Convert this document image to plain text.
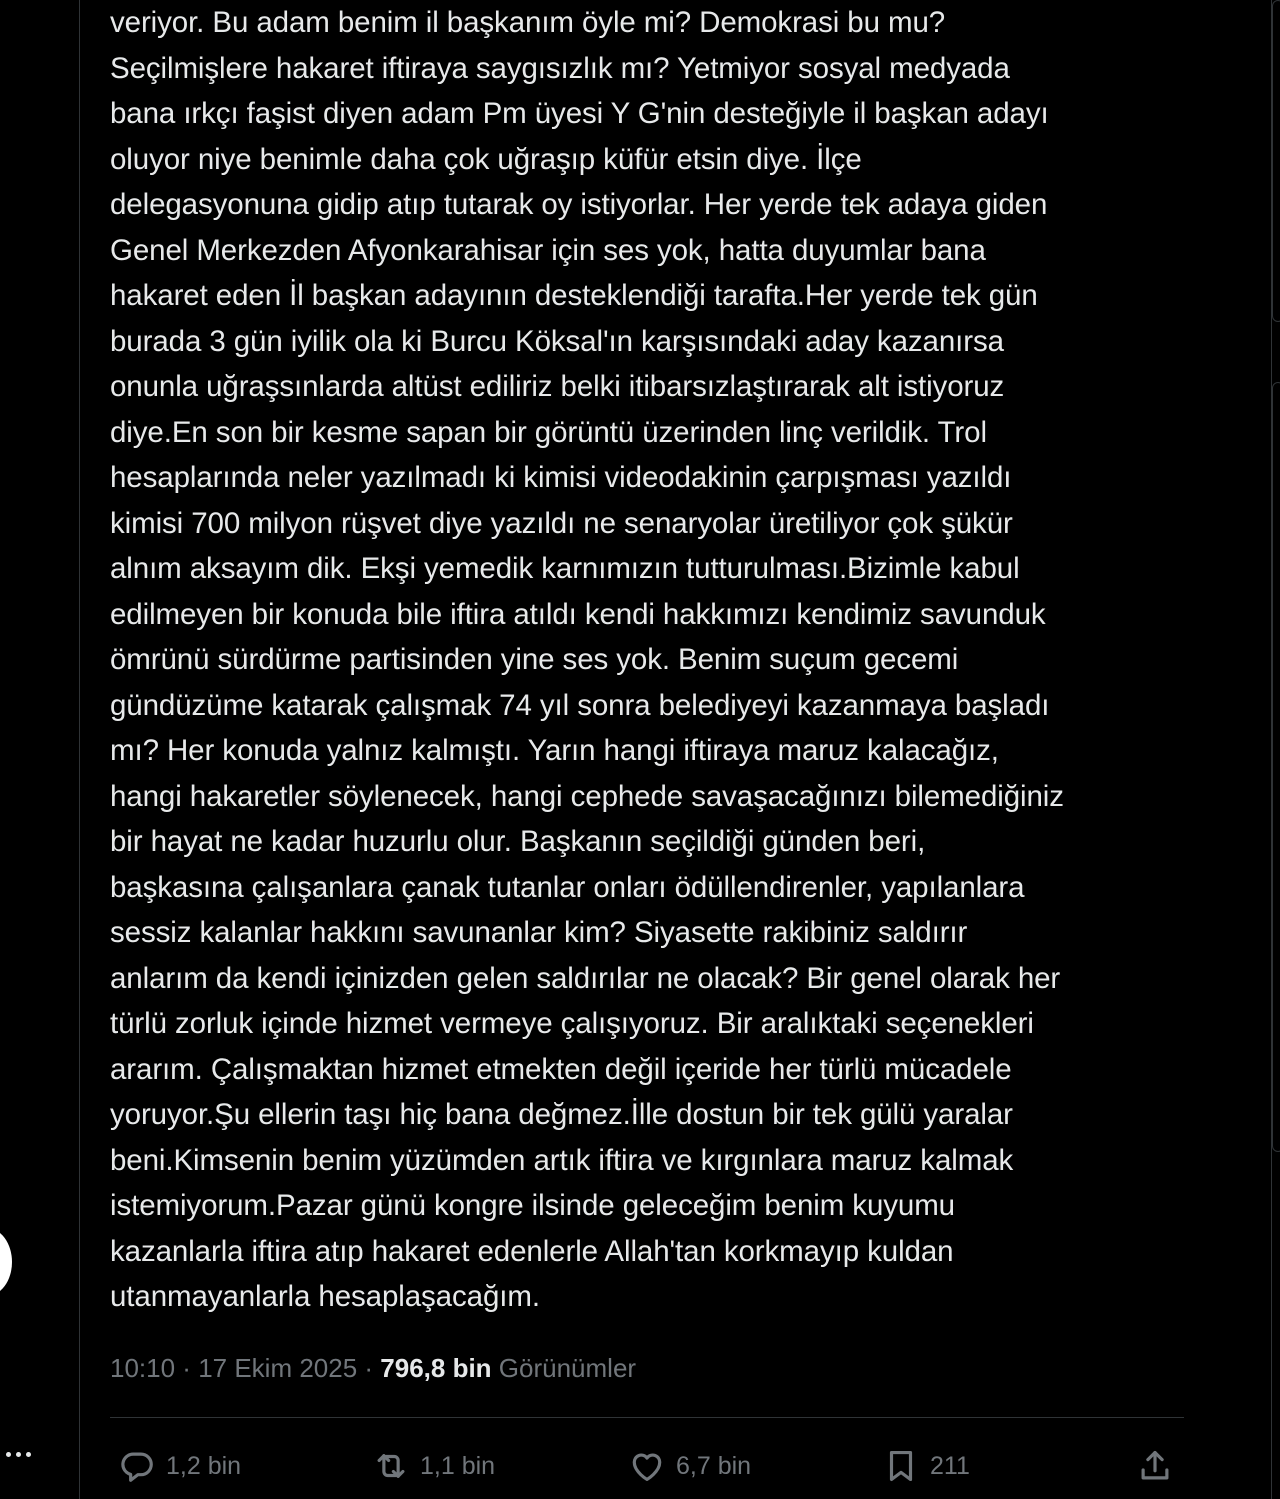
veriyor. Bu adam benim il başkanım öyle mi? Demokrasi bu mu?
Seçilmişlere hakaret iftiraya saygısızlık mı? Yetmiyor sosyal medyada
bana ırkçı faşist diyen adam Pm üyesi Y G'nin desteğiyle il başkan adayı
oluyor niye benimle daha çok uğraşıp küfür etsin diye. İlçe
delegasyonuna gidip atıp tutarak oy istiyorlar. Her yerde tek adaya giden
Genel Merkezden Afyonkarahisar için ses yok, hatta duyumlar bana
hakaret eden İl başkan adayının desteklendiği tarafta.Her yerde tek gün
burada 3 gün iyilik ola ki Burcu Köksal'ın karşısındaki aday kazanırsa
onunla uğraşsınlarda altüst ediliriz belki itibarsızlaştırarak alt istiyoruz
diye.En son bir kesme sapan bir görüntü üzerinden linç verildik. Trol
hesaplarında neler yazılmadı ki kimisi videodakinin çarpışması yazıldı
kimisi 700 milyon rüşvet diye yazıldı ne senaryolar üretiliyor çok şükür
alnım aksayım dik. Ekşi yemedik karnımızın tutturulması.Bizimle kabul
edilmeyen bir konuda bile iftira atıldı kendi hakkımızı kendimiz savunduk
ömrünü sürdürme partisinden yine ses yok. Benim suçum gecemi
gündüzüme katarak çalışmak 74 yıl sonra belediyeyi kazanmaya başladı
mı? Her konuda yalnız kalmıştı. Yarın hangi iftiraya maruz kalacağız,
hangi hakaretler söylenecek, hangi cephede savaşacağınızı bilemediğiniz
bir hayat ne kadar huzurlu olur. Başkanın seçildiği günden beri,
başkasına çalışanlara çanak tutanlar onları ödüllendirenler, yapılanlara
sessiz kalanlar hakkını savunanlar kim? Siyasette rakibiniz saldırır
anlarım da kendi içinizden gelen saldırılar ne olacak? Bir genel olarak her
türlü zorluk içinde hizmet vermeye çalışıyoruz. Bir aralıktaki seçenekleri
ararım. Çalışmaktan hizmet etmekten değil içeride her türlü mücadele
yoruyor.Şu ellerin taşı hiç bana değmez.İlle dostun bir tek gülü yaralar
beni.Kimsenin benim yüzümden artık iftira ve kırgınlara maruz kalmak
istemiyorum.Pazar günü kongre ilsinde geleceğim benim kuyumu
kazanlarla iftira atıp hakaret edenlerle Allah'tan korkmayıp kuldan
utanmayanlarla hesaplaşacağım.
10:10 · 17 Ekim 2025 · 796,8 bin Görünümler
1,2 bin	1,1 bin	6,7 bin	211
